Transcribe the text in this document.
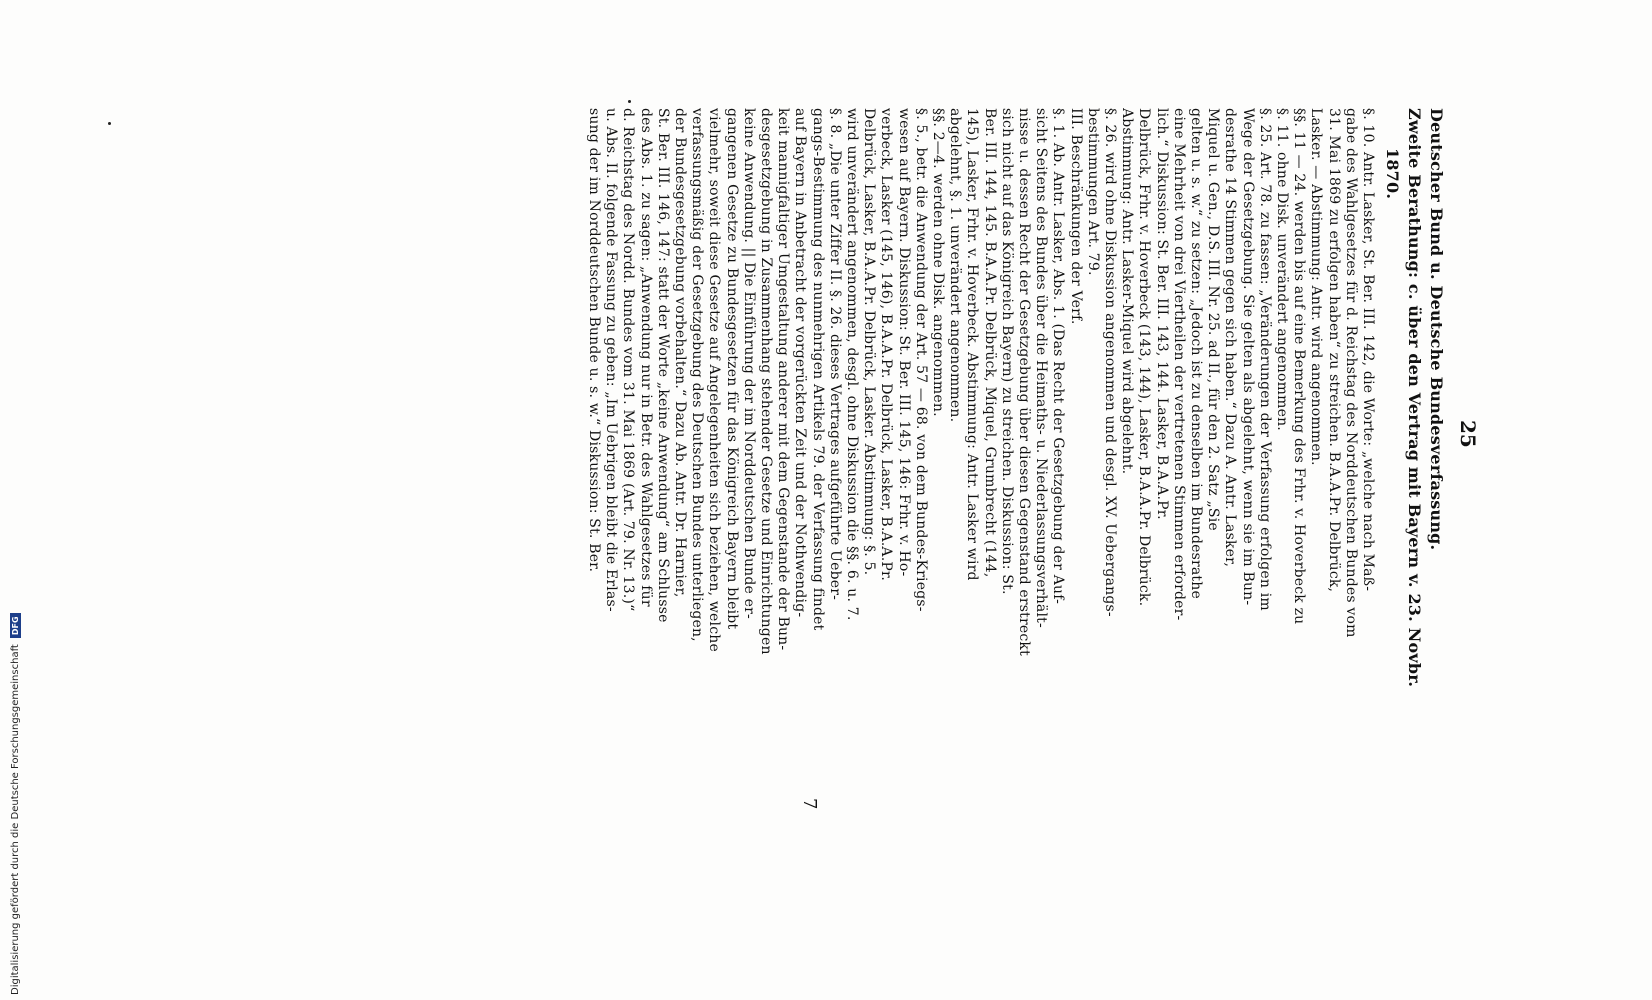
25
Deutscher Bund u. Deutsche Bundesverfassung.
Zweite Berathung: c. über den Vertrag mit Bayern v. 23. Novbr.
1870.
§. 10. Antr. Lasker, St. Ber. III. 142, die Worte: „welche nach Maß-
gabe des Wahlgesetzes für d. Reichstag des Norddeutschen Bundes vom
31. Mai 1869 zu erfolgen haben“ zu streichen. B.A.A.Pr. Delbrück,
Lasker. — Abstimmung: Antr. wird angenommen.
§§. 11 — 24. werden bis auf eine Bemerkung des Frhr. v. Hoverbeck zu
§. 11. ohne Disk. unverändert angenommen.
§. 25. Art. 78. zu fassen: „Veränderungen der Verfassung erfolgen im
Wege der Gesetzgebung. Sie gelten als abgelehnt, wenn sie im Bun-
desrathe 14 Stimmen gegen sich haben.“ Dazu A. Antr. Lasker,
Miquel u. Gen., D.S. III. Nr. 25. ad II., für den 2. Satz „Sie
gelten u. s. w.“ zu setzen: „Jedoch ist zu denselben im Bundesrathe
eine Mehrheit von drei Viertheilen der vertretenen Stimmen erforder-
lich.“ Diskussion: St. Ber. III. 143, 144. Lasker, B.A.A.Pr.
Delbrück, Frhr. v. Hoverbeck (143, 144), Lasker, B.A.A.Pr. Delbrück.
Abstimmung: Antr. Lasker-Miquel wird abgelehnt.
§. 26. wird ohne Diskussion angenommen und desgl. XV. Uebergangs-
bestimmungen Art. 79.
III. Beschränkungen der Verf.
§. 1. Ab. Antr. Lasker, Abs. 1. (Das Recht der Gesetzgebung der Auf-
sicht Seitens des Bundes über die Heimaths- u. Niederlassungsverhält-
nisse u. dessen Recht der Gesetzgebung über diesen Gegenstand erstreckt
sich nicht auf das Königreich Bayern) zu streichen. Diskussion: St.
Ber. III. 144, 145. B.A.A.Pr. Delbrück, Miquel, Grumbrecht (144,
145), Lasker, Frhr. v. Hoverbeck. Abstimmung: Antr. Lasker wird
abgelehnt, §. 1. unverändert angenommen.
§§. 2—4. werden ohne Disk. angenommen.
§. 5., betr. die Anwendung der Art. 57 — 68. von dem Bundes-Kriegs-
wesen auf Bayern. Diskussion: St. Ber. III. 145, 146: Frhr. v. Ho-
verbeck, Lasker (145, 146), B.A.A.Pr. Delbrück, Lasker, B.A.A.Pr.
Delbrück, Lasker, B.A.A.Pr. Delbrück, Lasker. Abstimmung: §. 5.
wird unverändert angenommen, desgl. ohne Diskussion die §§. 6. u. 7.
§. 8. „Die unter Ziffer II. §. 26. dieses Vertrages aufgeführte Ueber-
gangs-Bestimmung des nunmehrigen Artikels 79. der Verfassung findet
auf Bayern in Anbetracht der vorgerückten Zeit und der Nothwendig-
keit mannigfaltiger Umgestaltung anderer mit dem Gegenstande der Bun-
desgesetzgebung in Zusammenhang stehender Gesetze und Einrichtungen
keine Anwendung. || Die Einführung der im Norddeutschen Bunde er-
gangenen Gesetze zu Bundesgesetzen für das Königreich Bayern bleibt
vielmehr, soweit diese Gesetze auf Angelegenheiten sich beziehen, welche
verfassungsmäßig der Gesetzgebung des Deutschen Bundes unterliegen,
der Bundesgesetzgebung vorbehalten.“ Dazu Ab. Antr. Dr. Harnier,
St. Ber. III. 146, 147: statt der Worte „keine Anwendung“ am Schlusse
des Abs. 1. zu sagen: „Anwendung nur in Betr. des Wahlgesetzes für
d. Reichstag des Nordd. Bundes vom 31. Mai 1869 (Art. 79. Nr. 13.)“
u. Abs. II. folgende Fassung zu geben: „Im Uebrigen bleibt die Erlas-
sung der im Norddeutschen Bunde u. s. w.“ Diskussion: St. Ber.
7
Digitalisierung gefördert durch die Deutsche Forschungsgemeinschaft
DFG
